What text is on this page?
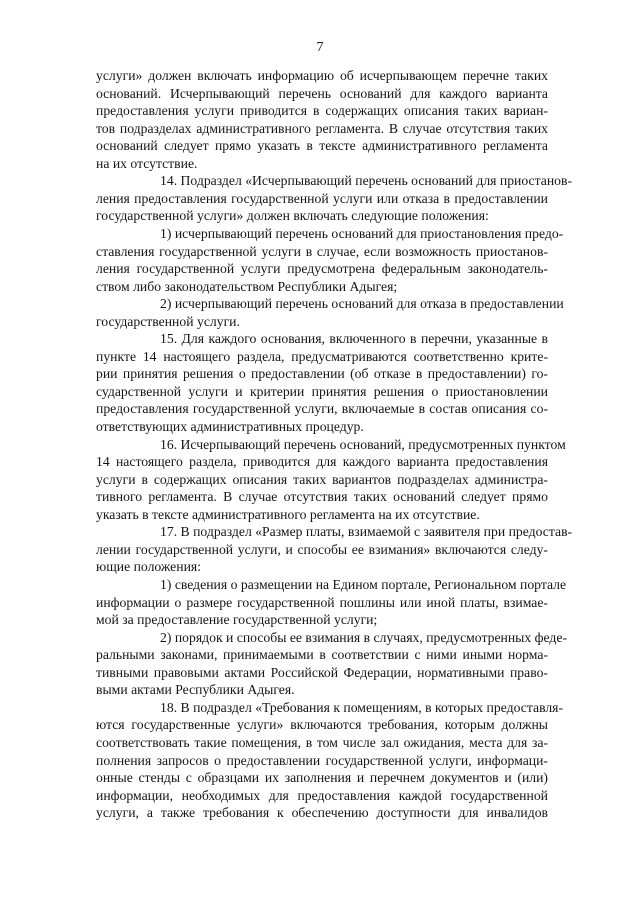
7
услуги» должен включать информацию об исчерпывающем перечне таких
оснований. Исчерпывающий перечень оснований для каждого варианта
предоставления услуги приводится в содержащих описания таких вариан-
тов подразделах административного регламента. В случае отсутствия таких
оснований следует прямо указать в тексте административного регламента
на их отсутствие.
14. Подраздел «Исчерпывающий перечень оснований для приостанов-
ления предоставления государственной услуги или отказа в предоставлении
государственной услуги» должен включать следующие положения:
1) исчерпывающий перечень оснований для приостановления предо-
ставления государственной услуги в случае, если возможность приостанов-
ления государственной услуги предусмотрена федеральным законодатель-
ством либо законодательством Республики Адыгея;
2) исчерпывающий перечень оснований для отказа в предоставлении
государственной услуги.
15. Для каждого основания, включенного в перечни, указанные в
пункте 14 настоящего раздела, предусматриваются соответственно крите-
рии принятия решения о предоставлении (об отказе в предоставлении) го-
сударственной услуги и критерии принятия решения о приостановлении
предоставления государственной услуги, включаемые в состав описания со-
ответствующих административных процедур.
16. Исчерпывающий перечень оснований, предусмотренных пунктом
14 настоящего раздела, приводится для каждого варианта предоставления
услуги в содержащих описания таких вариантов подразделах администра-
тивного регламента. В случае отсутствия таких оснований следует прямо
указать в тексте административного регламента на их отсутствие.
17. В подраздел «Размер платы, взимаемой с заявителя при предостав-
лении государственной услуги, и способы ее взимания» включаются следу-
ющие положения:
1) сведения о размещении на Едином портале, Региональном портале
информации о размере государственной пошлины или иной платы, взимае-
мой за предоставление государственной услуги;
2) порядок и способы ее взимания в случаях, предусмотренных феде-
ральными законами, принимаемыми в соответствии с ними иными норма-
тивными правовыми актами Российской Федерации, нормативными право-
выми актами Республики Адыгея.
18. В подраздел «Требования к помещениям, в которых предоставля-
ются государственные услуги» включаются требования, которым должны
соответствовать такие помещения, в том числе зал ожидания, места для за-
полнения запросов о предоставлении государственной услуги, информаци-
онные стенды с образцами их заполнения и перечнем документов и (или)
информации, необходимых для предоставления каждой государственной
услуги, а также требования к обеспечению доступности для инвалидов
